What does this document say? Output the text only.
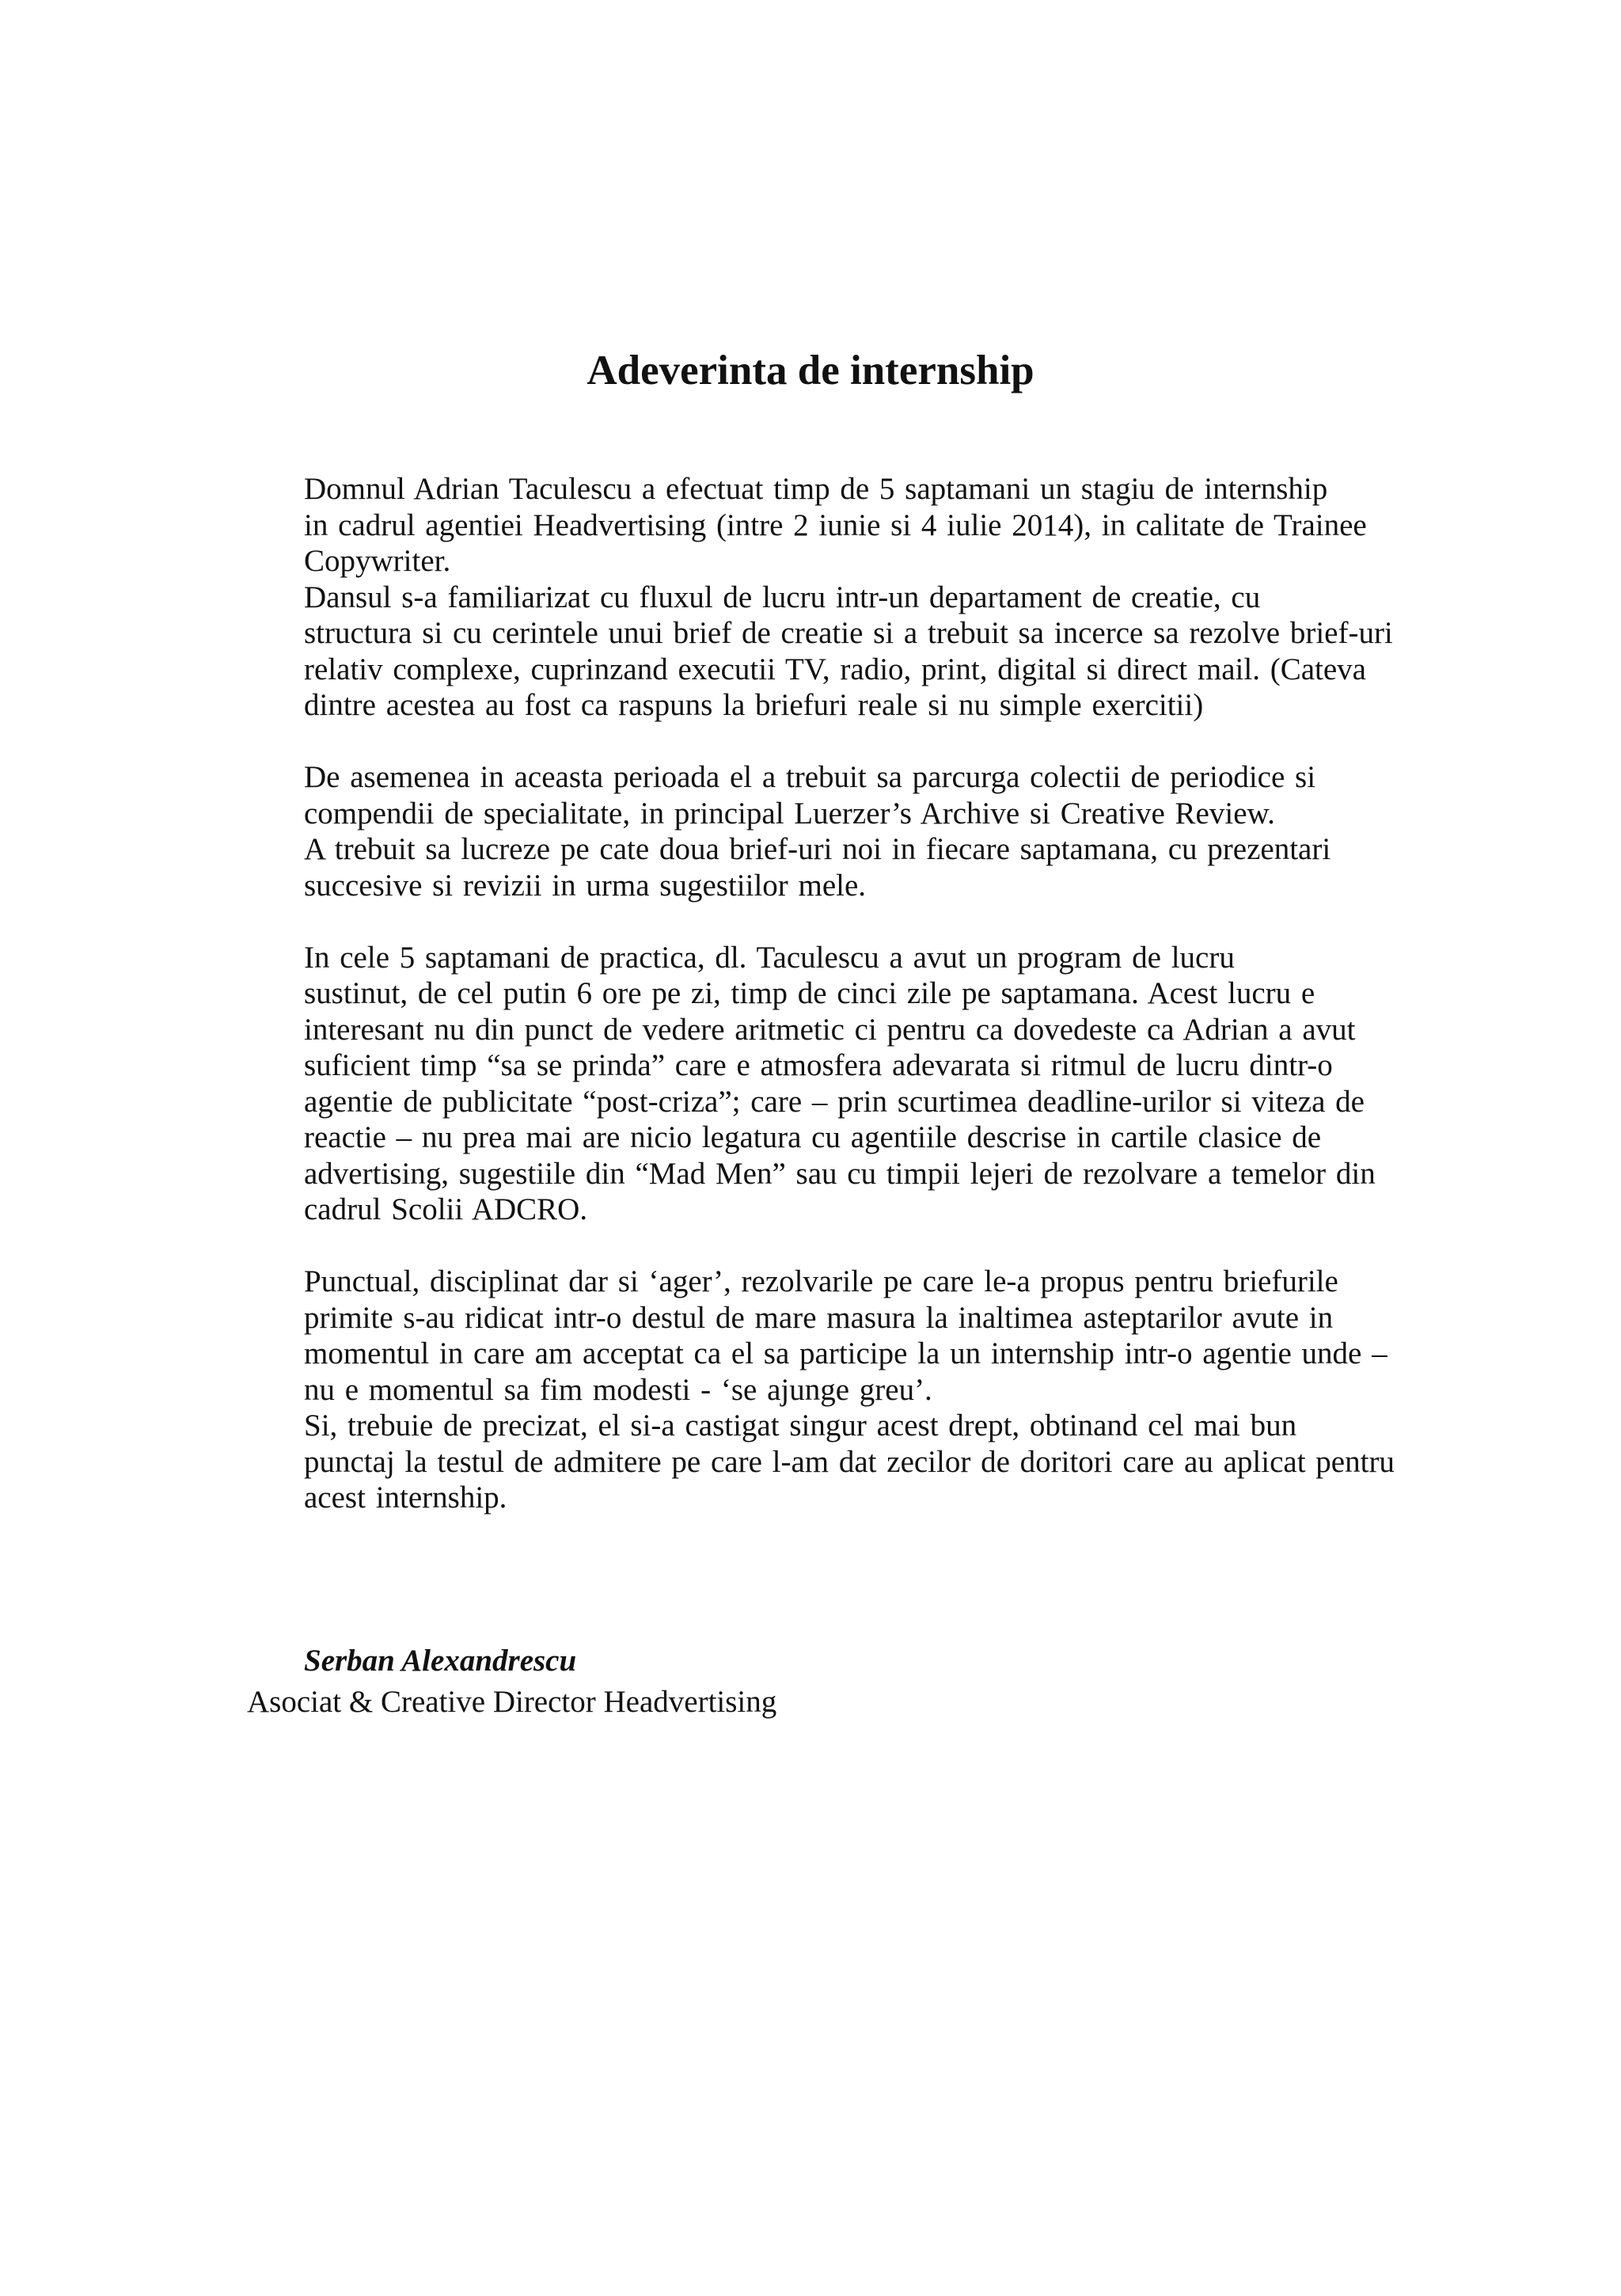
Adeverinta de internship

Domnul Adrian Taculescu a efectuat timp de 5 saptamani un stagiu de internship
in cadrul agentiei Headvertising (intre 2 iunie si 4 iulie 2014), in calitate de Trainee
Copywriter.

Dansul s-a familiarizat cu fluxul de lucru intr-un departament de creatie, cu
structura si cu cerintele unui brief de creatie si a trebuit sa incerce sa rezolve brief-uri
relativ complexe, cuprinzand executii TV, radio, print, digital si direct mail. (Cateva
dintre acestea au fost ca raspuns la briefuri reale si nu simple exercitii)

De asemenea in aceasta perioada el a trebuit sa parcurga colectii de periodice si
compendii de specialitate, in principal Luerzer’s Archive si Creative Review.

A trebuit sa lucreze pe cate doua brief-uri noi in fiecare saptamana, cu prezentari
succesive si revizii in urma sugestiilor mele.

In cele 5 saptamani de practica, dl. Taculescu a avut un program de lucru
sustinut, de cel putin 6 ore pe zi, timp de cinci zile pe saptamana. Acest lucru e
interesant nu din punct de vedere aritmetic ci pentru ca dovedeste ca Adrian a avut
suficient timp “sa se prinda” care e atmosfera adevarata si ritmul de lucru dintr-o
agentie de publicitate “post-criza”; care – prin scurtimea deadline-urilor si viteza de
reactie – nu prea mai are nicio legatura cu agentiile descrise in cartile clasice de
advertising, sugestiile din “Mad Men” sau cu timpii lejeri de rezolvare a temelor din
cadrul Scolii ADCRO.

Punctual, disciplinat dar si ‘ager’, rezolvarile pe care le-a propus pentru briefurile
primite s-au ridicat intr-o destul de mare masura la inaltimea asteptarilor avute in
momentul in care am acceptat ca el sa participe la un internship intr-o agentie unde –
nu e momentul sa fim modesti - ‘se ajunge greu’.

Si, trebuie de precizat, el si-a castigat singur acest drept, obtinand cel mai bun
punctaj la testul de admitere pe care l-am dat zecilor de doritori care au aplicat pentru
acest internship.

Serban Alexandrescu
Asociat & Creative Director Headvertising
